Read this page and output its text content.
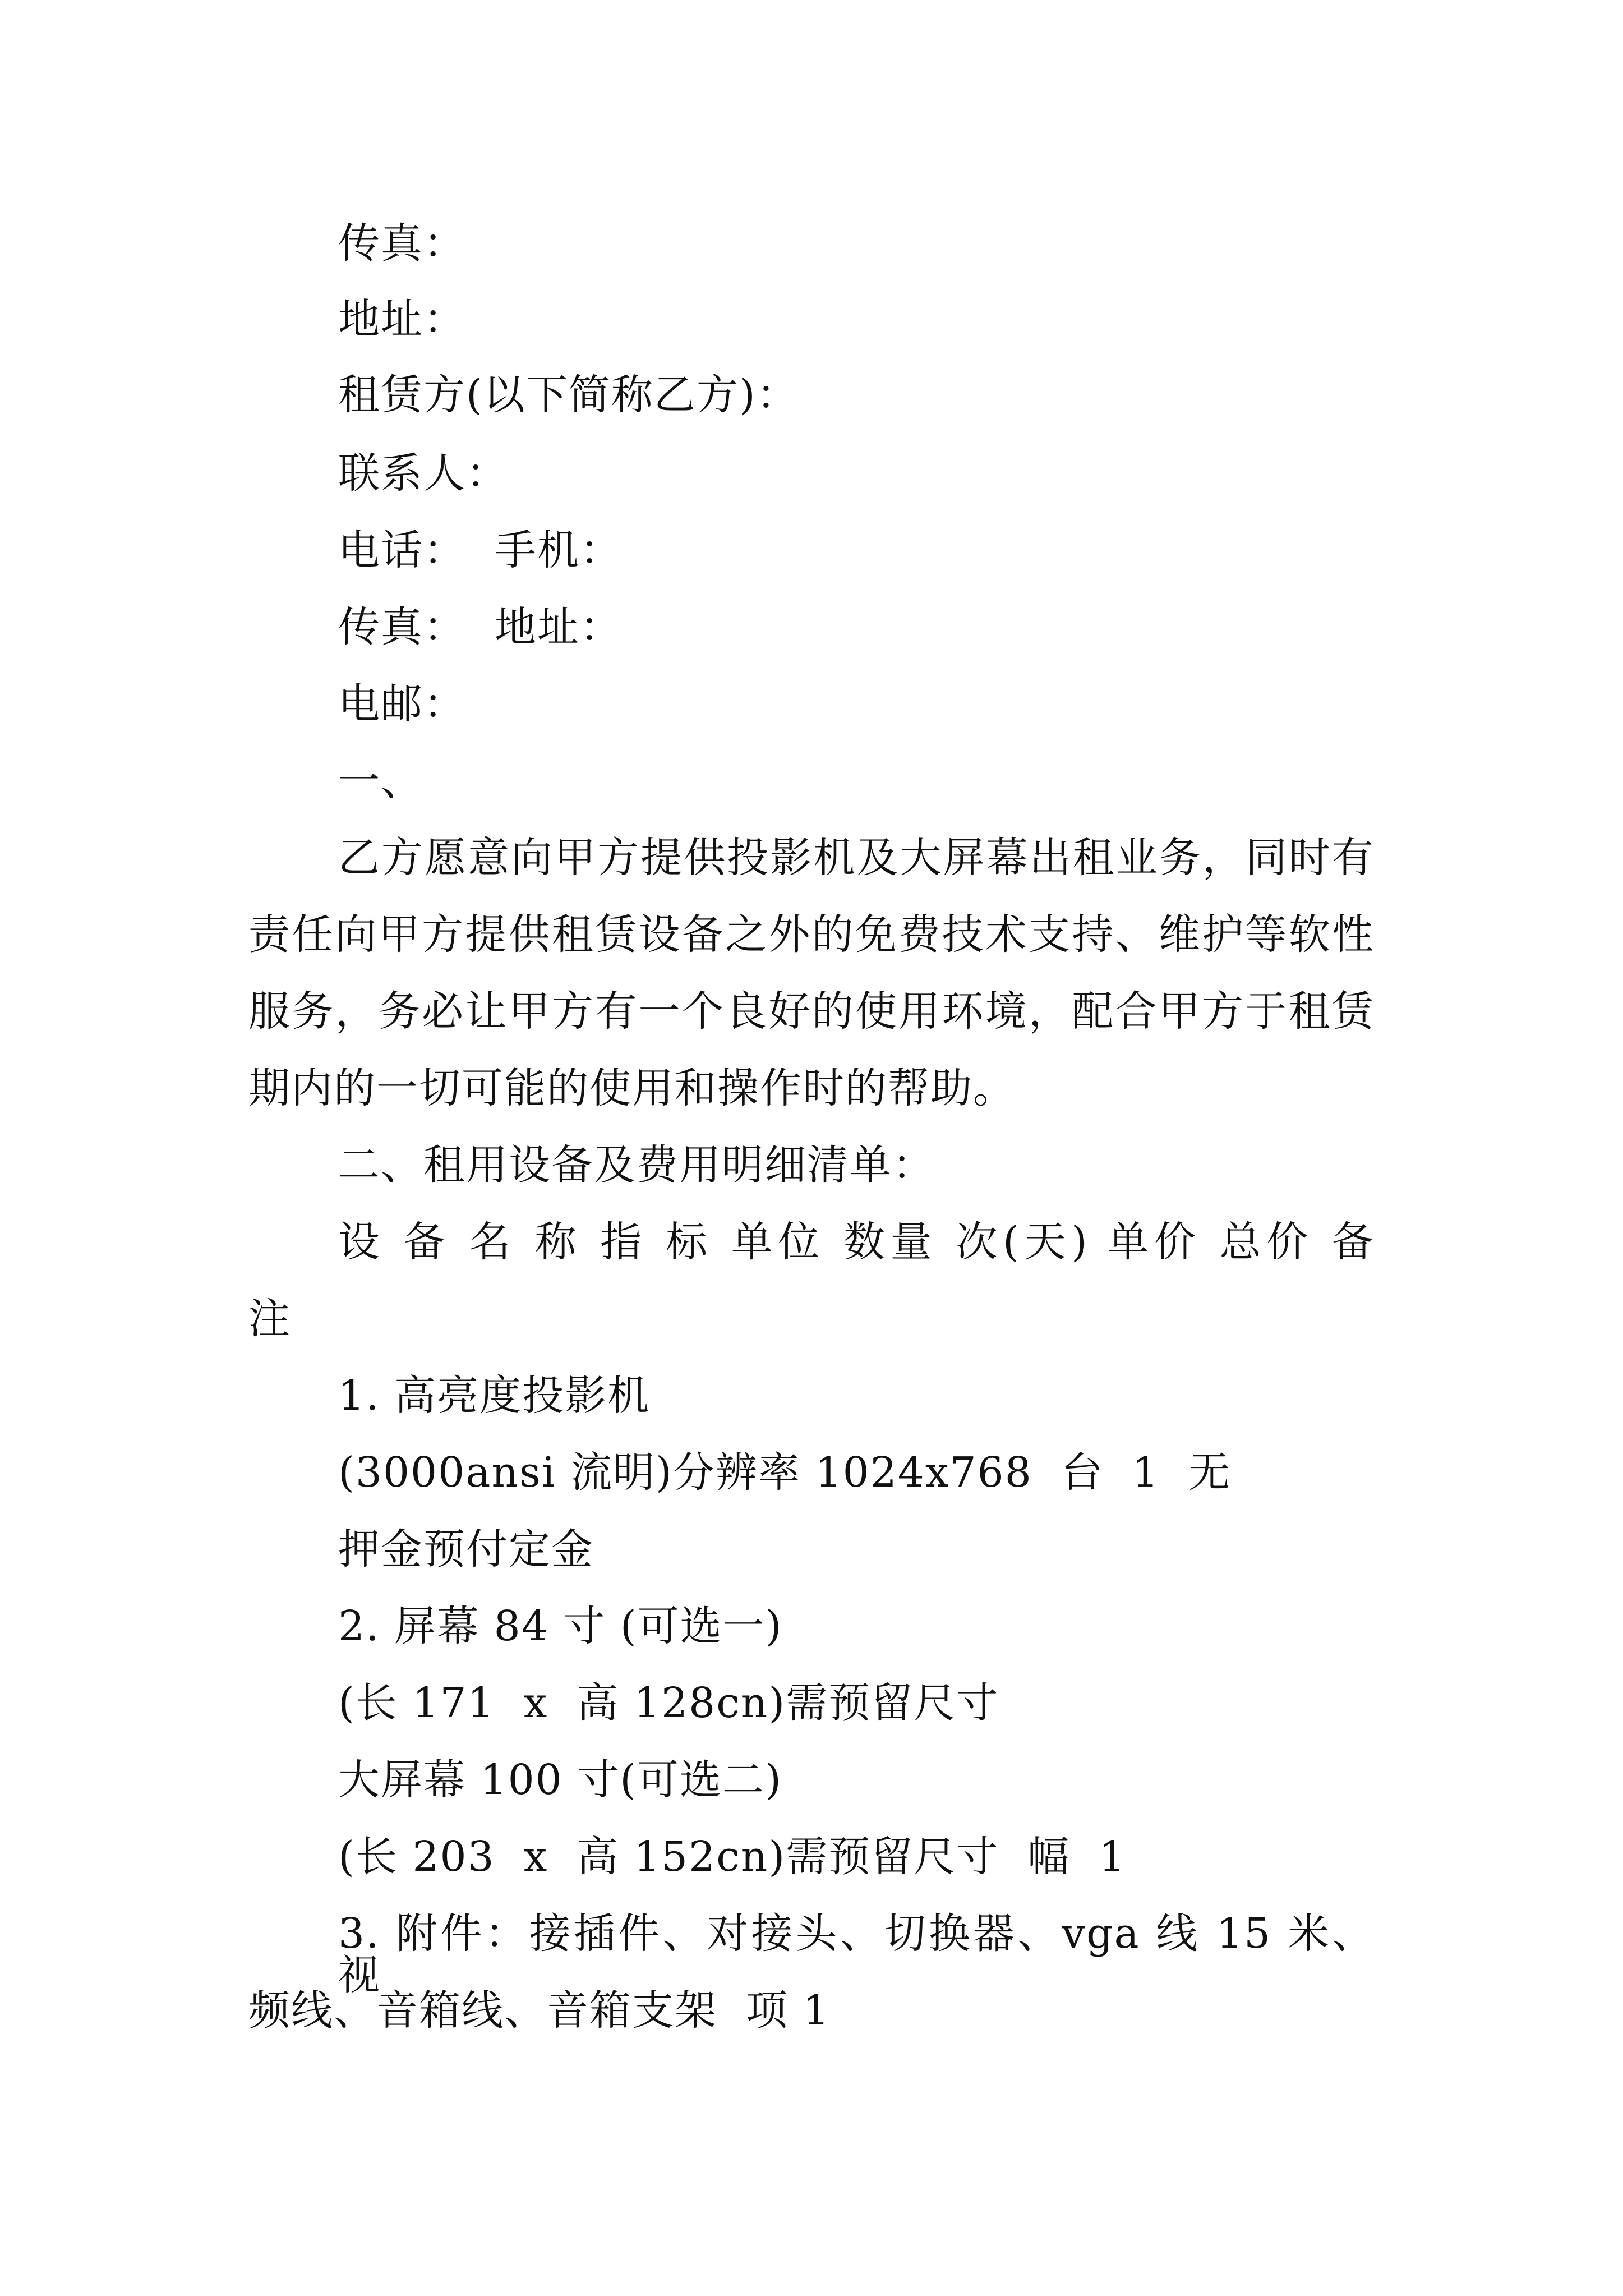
传真：
地址：
租赁方(以下简称乙方)：
联系人：
电话：  手机：
传真：  地址：
电邮：
一、
乙方愿意向甲方提供投影机及大屏幕出租业务，同时有
责任向甲方提供租赁设备之外的免费技术支持、维护等软性
服务，务必让甲方有一个良好的使用环境，配合甲方于租赁
期内的一切可能的使用和操作时的帮助。
二、租用设备及费用明细清单：
设 备 名 称 指 标 单位 数量 次(天) 单价 总价 备
注
1. 高亮度投影机
(3000ansi 流明)分辨率 1024x768  台  1  无
押金预付定金
2. 屏幕 84 寸 (可选一)
(长 171  x  高 128cn)需预留尺寸
大屏幕 100 寸(可选二)
(长 203  x  高 152cn)需预留尺寸  幅  1
3. 附件：接插件、对接头、切换器、vga 线 15 米、视
频线、音箱线、音箱支架  项 1
